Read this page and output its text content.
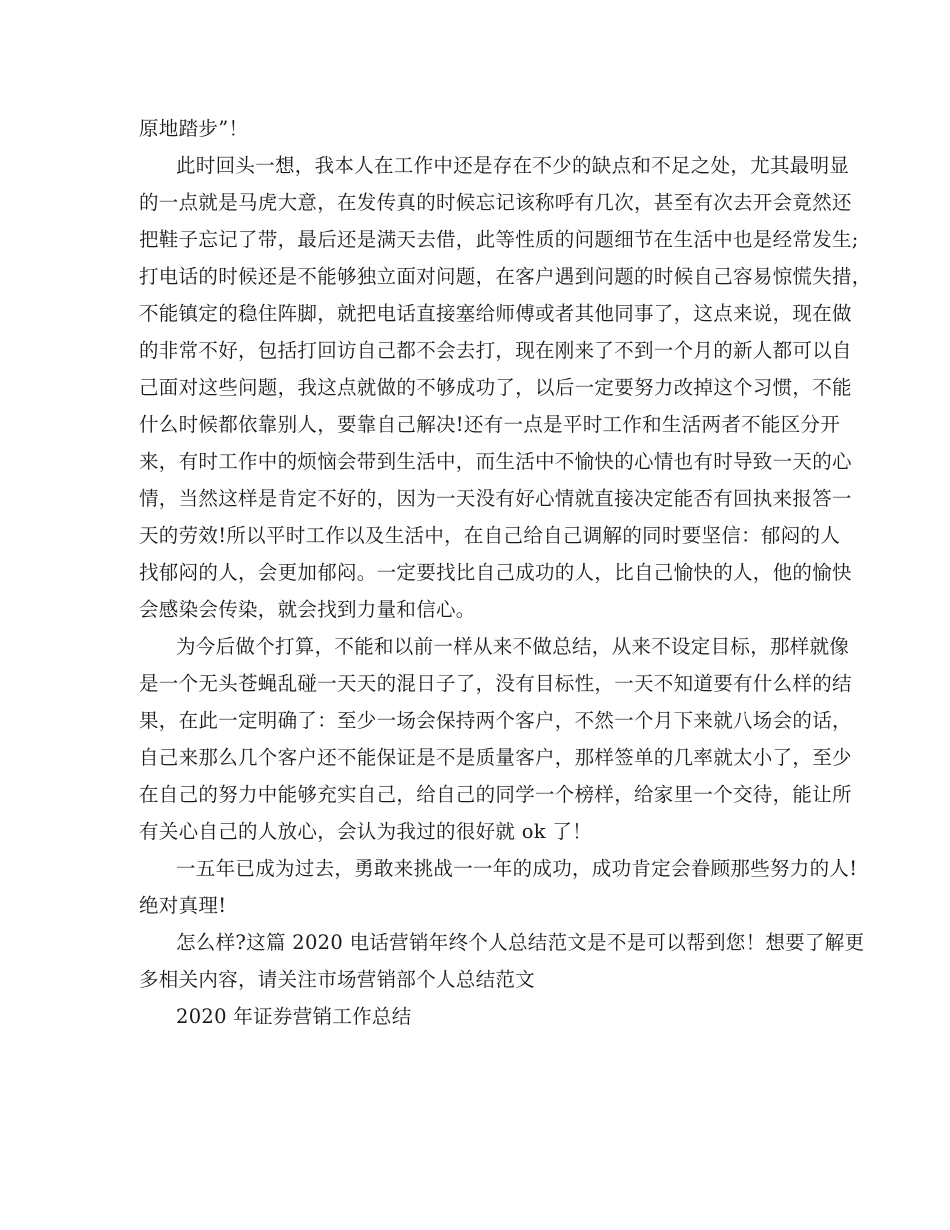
原地踏步”！
此时回头一想，我本人在工作中还是存在不少的缺点和不足之处，尤其最明显
的一点就是马虎大意，在发传真的时候忘记该称呼有几次，甚至有次去开会竟然还
把鞋子忘记了带，最后还是满天去借，此等性质的问题细节在生活中也是经常发生;
打电话的时候还是不能够独立面对问题，在客户遇到问题的时候自己容易惊慌失措，
不能镇定的稳住阵脚，就把电话直接塞给师傅或者其他同事了，这点来说，现在做
的非常不好，包括打回访自己都不会去打，现在刚来了不到一个月的新人都可以自
己面对这些问题，我这点就做的不够成功了，以后一定要努力改掉这个习惯，不能
什么时候都依靠别人，要靠自己解决!还有一点是平时工作和生活两者不能区分开
来，有时工作中的烦恼会带到生活中，而生活中不愉快的心情也有时导致一天的心
情，当然这样是肯定不好的，因为一天没有好心情就直接决定能否有回执来报答一
天的劳效!所以平时工作以及生活中，在自己给自己调解的同时要坚信：郁闷的人
找郁闷的人，会更加郁闷。一定要找比自己成功的人，比自己愉快的人，他的愉快
会感染会传染，就会找到力量和信心。
为今后做个打算，不能和以前一样从来不做总结，从来不设定目标，那样就像
是一个无头苍蝇乱碰一天天的混日子了，没有目标性，一天不知道要有什么样的结
果，在此一定明确了：至少一场会保持两个客户，不然一个月下来就八场会的话，
自己来那么几个客户还不能保证是不是质量客户，那样签单的几率就太小了，至少
在自己的努力中能够充实自己，给自己的同学一个榜样，给家里一个交待，能让所
有关心自己的人放心，会认为我过的很好就 ok 了！
一五年已成为过去，勇敢来挑战一一年的成功，成功肯定会眷顾那些努力的人!
绝对真理!
怎么样?这篇 2020 电话营销年终个人总结范文是不是可以帮到您！想要了解更
多相关内容，请关注市场营销部个人总结范文
2020 年证券营销工作总结
